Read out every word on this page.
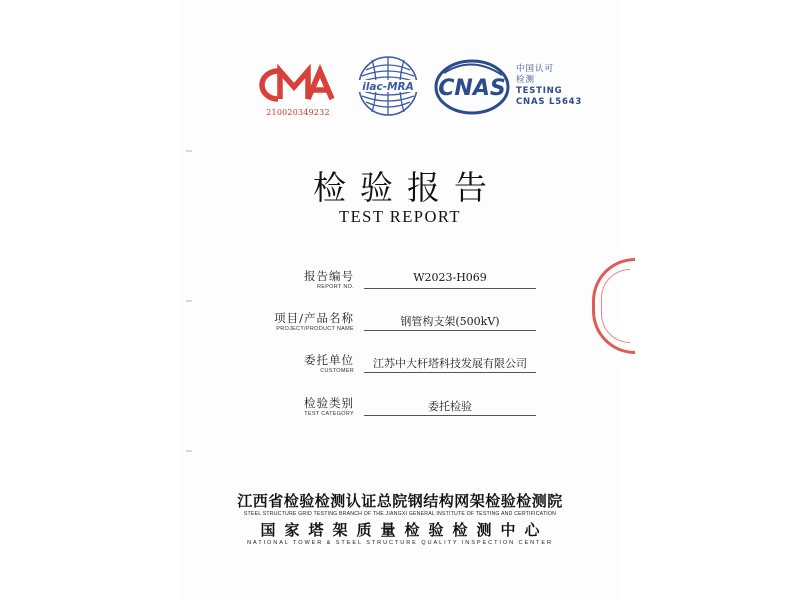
210020349232
ilac-MRA CNAS
中国认可
检测
TESTING
CNAS L5643
检验报告
TEST REPORT
报告编号
REPORT NO.
W2023-H069
项目/产品名称
PROJECT/PRODUCT NAME
钢管构支架(500kV)
委托单位
CUSTOMER
江苏中大杆塔科技发展有限公司
检验类别
TEST CATEGORY
委托检验
江西省检验检测认证总院钢结构网架检验检测院
STEEL STRUCTURE GRID TESTING BRANCH OF THE JIANGXI GENERAL INSTITUTE OF TESTING AND CERTIFICATION
国家塔架质量检验检测中心
NATIONAL TOWER & STEEL STRUCTURE QUALITY INSPECTION CENTER
